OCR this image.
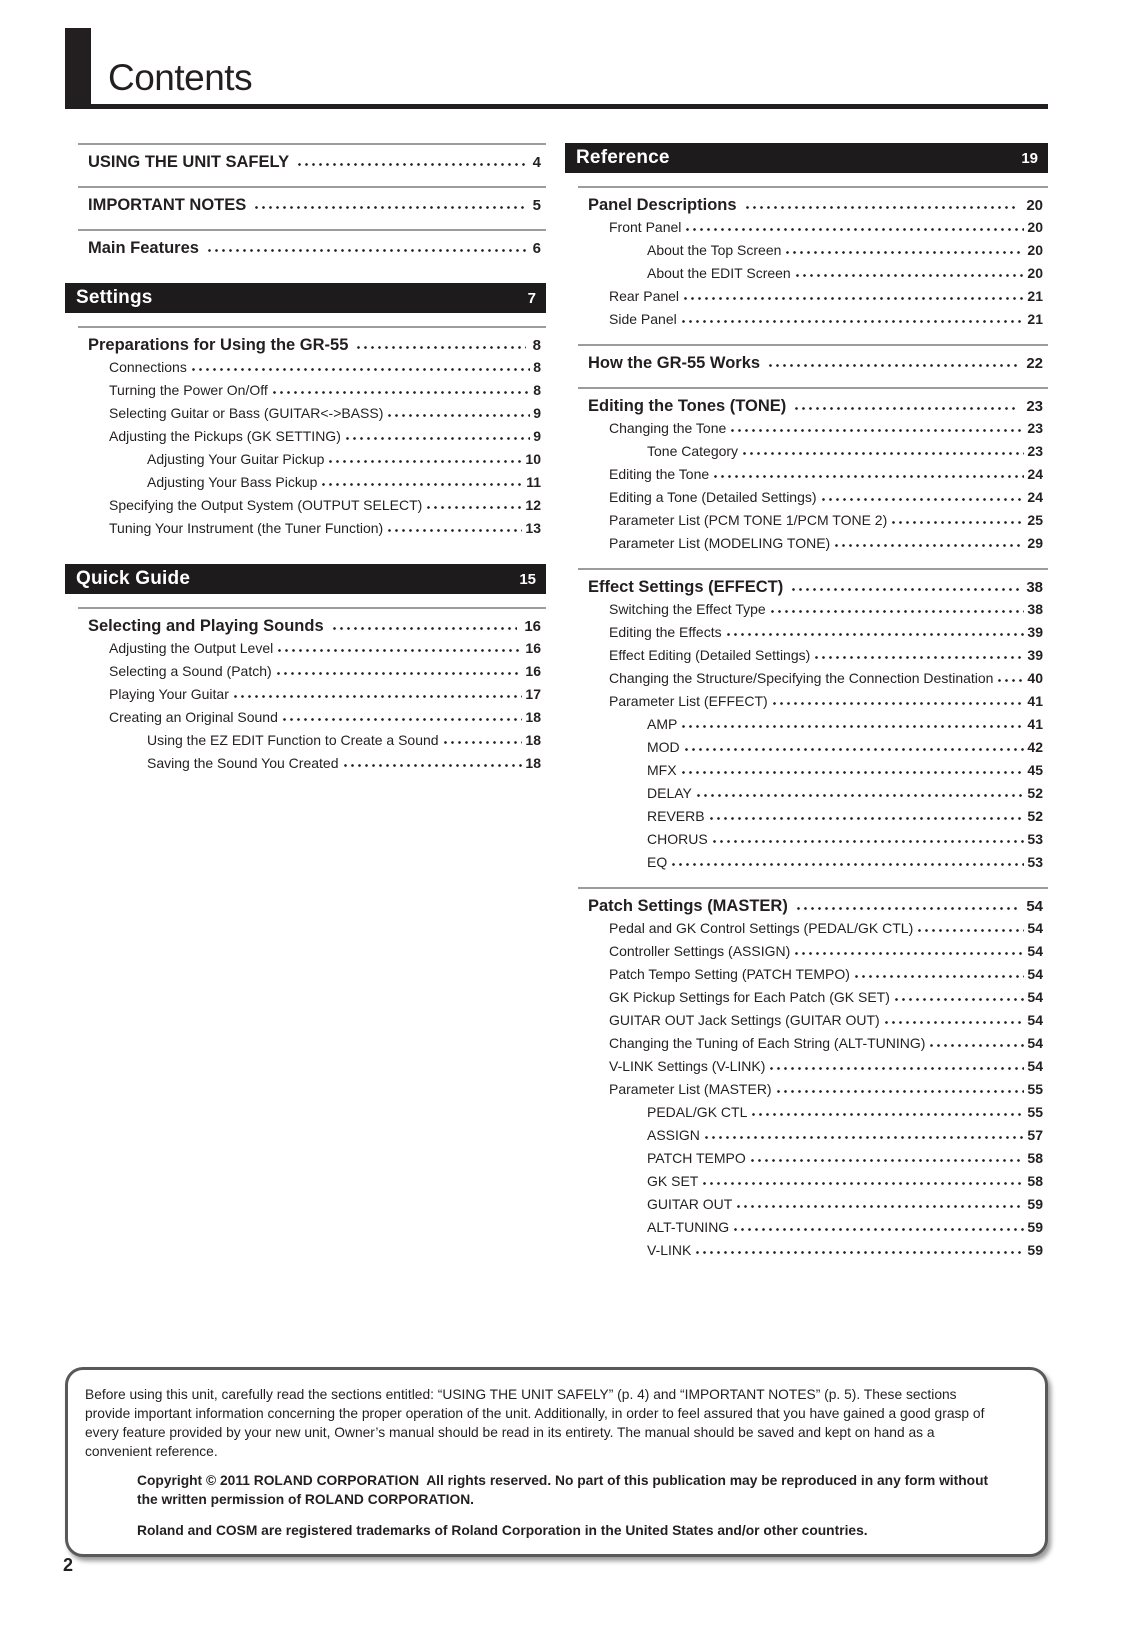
Contents
USING THE UNIT SAFELY	4
IMPORTANT NOTES	5
Main Features	6
Settings	7
Preparations for Using the GR-55	8
Connections	8
Turning the Power On/Off	8
Selecting Guitar or Bass (GUITAR<->BASS)	9
Adjusting the Pickups (GK SETTING)	9
Adjusting Your Guitar Pickup	10
Adjusting Your Bass Pickup	11
Specifying the Output System (OUTPUT SELECT)	12
Tuning Your Instrument (the Tuner Function)	13
Quick Guide	15
Selecting and Playing Sounds	16
Adjusting the Output Level	16
Selecting a Sound (Patch)	16
Playing Your Guitar	17
Creating an Original Sound	18
Using the EZ EDIT Function to Create a Sound	18
Saving the Sound You Created	18
Reference	19
Panel Descriptions	20
Front Panel	20
About the Top Screen	20
About the EDIT Screen	20
Rear Panel	21
Side Panel	21
How the GR-55 Works	22
Editing the Tones (TONE)	23
Changing the Tone	23
Tone Category	23
Editing the Tone	24
Editing a Tone (Detailed Settings)	24
Parameter List (PCM TONE 1/PCM TONE 2)	25
Parameter List (MODELING TONE)	29
Effect Settings (EFFECT)	38
Switching the Effect Type	38
Editing the Effects	39
Effect Editing (Detailed Settings)	39
Changing the Structure/Specifying the Connection Destination 40
Parameter List (EFFECT)	41
AMP	41
MOD	42
MFX	45
DELAY	52
REVERB	52
CHORUS	53
EQ	53
Patch Settings (MASTER)	54
Pedal and GK Control Settings (PEDAL/GK CTL)	54
Controller Settings (ASSIGN)	54
Patch Tempo Setting (PATCH TEMPO)	54
GK Pickup Settings for Each Patch (GK SET)	54
GUITAR OUT Jack Settings (GUITAR OUT)	54
Changing the Tuning of Each String (ALT-TUNING)	54
V-LINK Settings (V-LINK)	54
Parameter List (MASTER)	55
PEDAL/GK CTL	55
ASSIGN	57
PATCH TEMPO	58
GK SET	58
GUITAR OUT	59
ALT-TUNING	59
V-LINK	59

Before using this unit, carefully read the sections entitled: “USING THE UNIT SAFELY” (p. 4) and “IMPORTANT NOTES” (p. 5). These sections provide important information concerning the proper operation of the unit. Additionally, in order to feel assured that you have gained a good grasp of every feature provided by your new unit, Owner’s manual should be read in its entirety. The manual should be saved and kept on hand as a convenient reference.

Copyright © 2011 ROLAND CORPORATION  All rights reserved. No part of this publication may be reproduced in any form without the written permission of ROLAND CORPORATION.

Roland and COSM are registered trademarks of Roland Corporation in the United States and/or other countries.

2
